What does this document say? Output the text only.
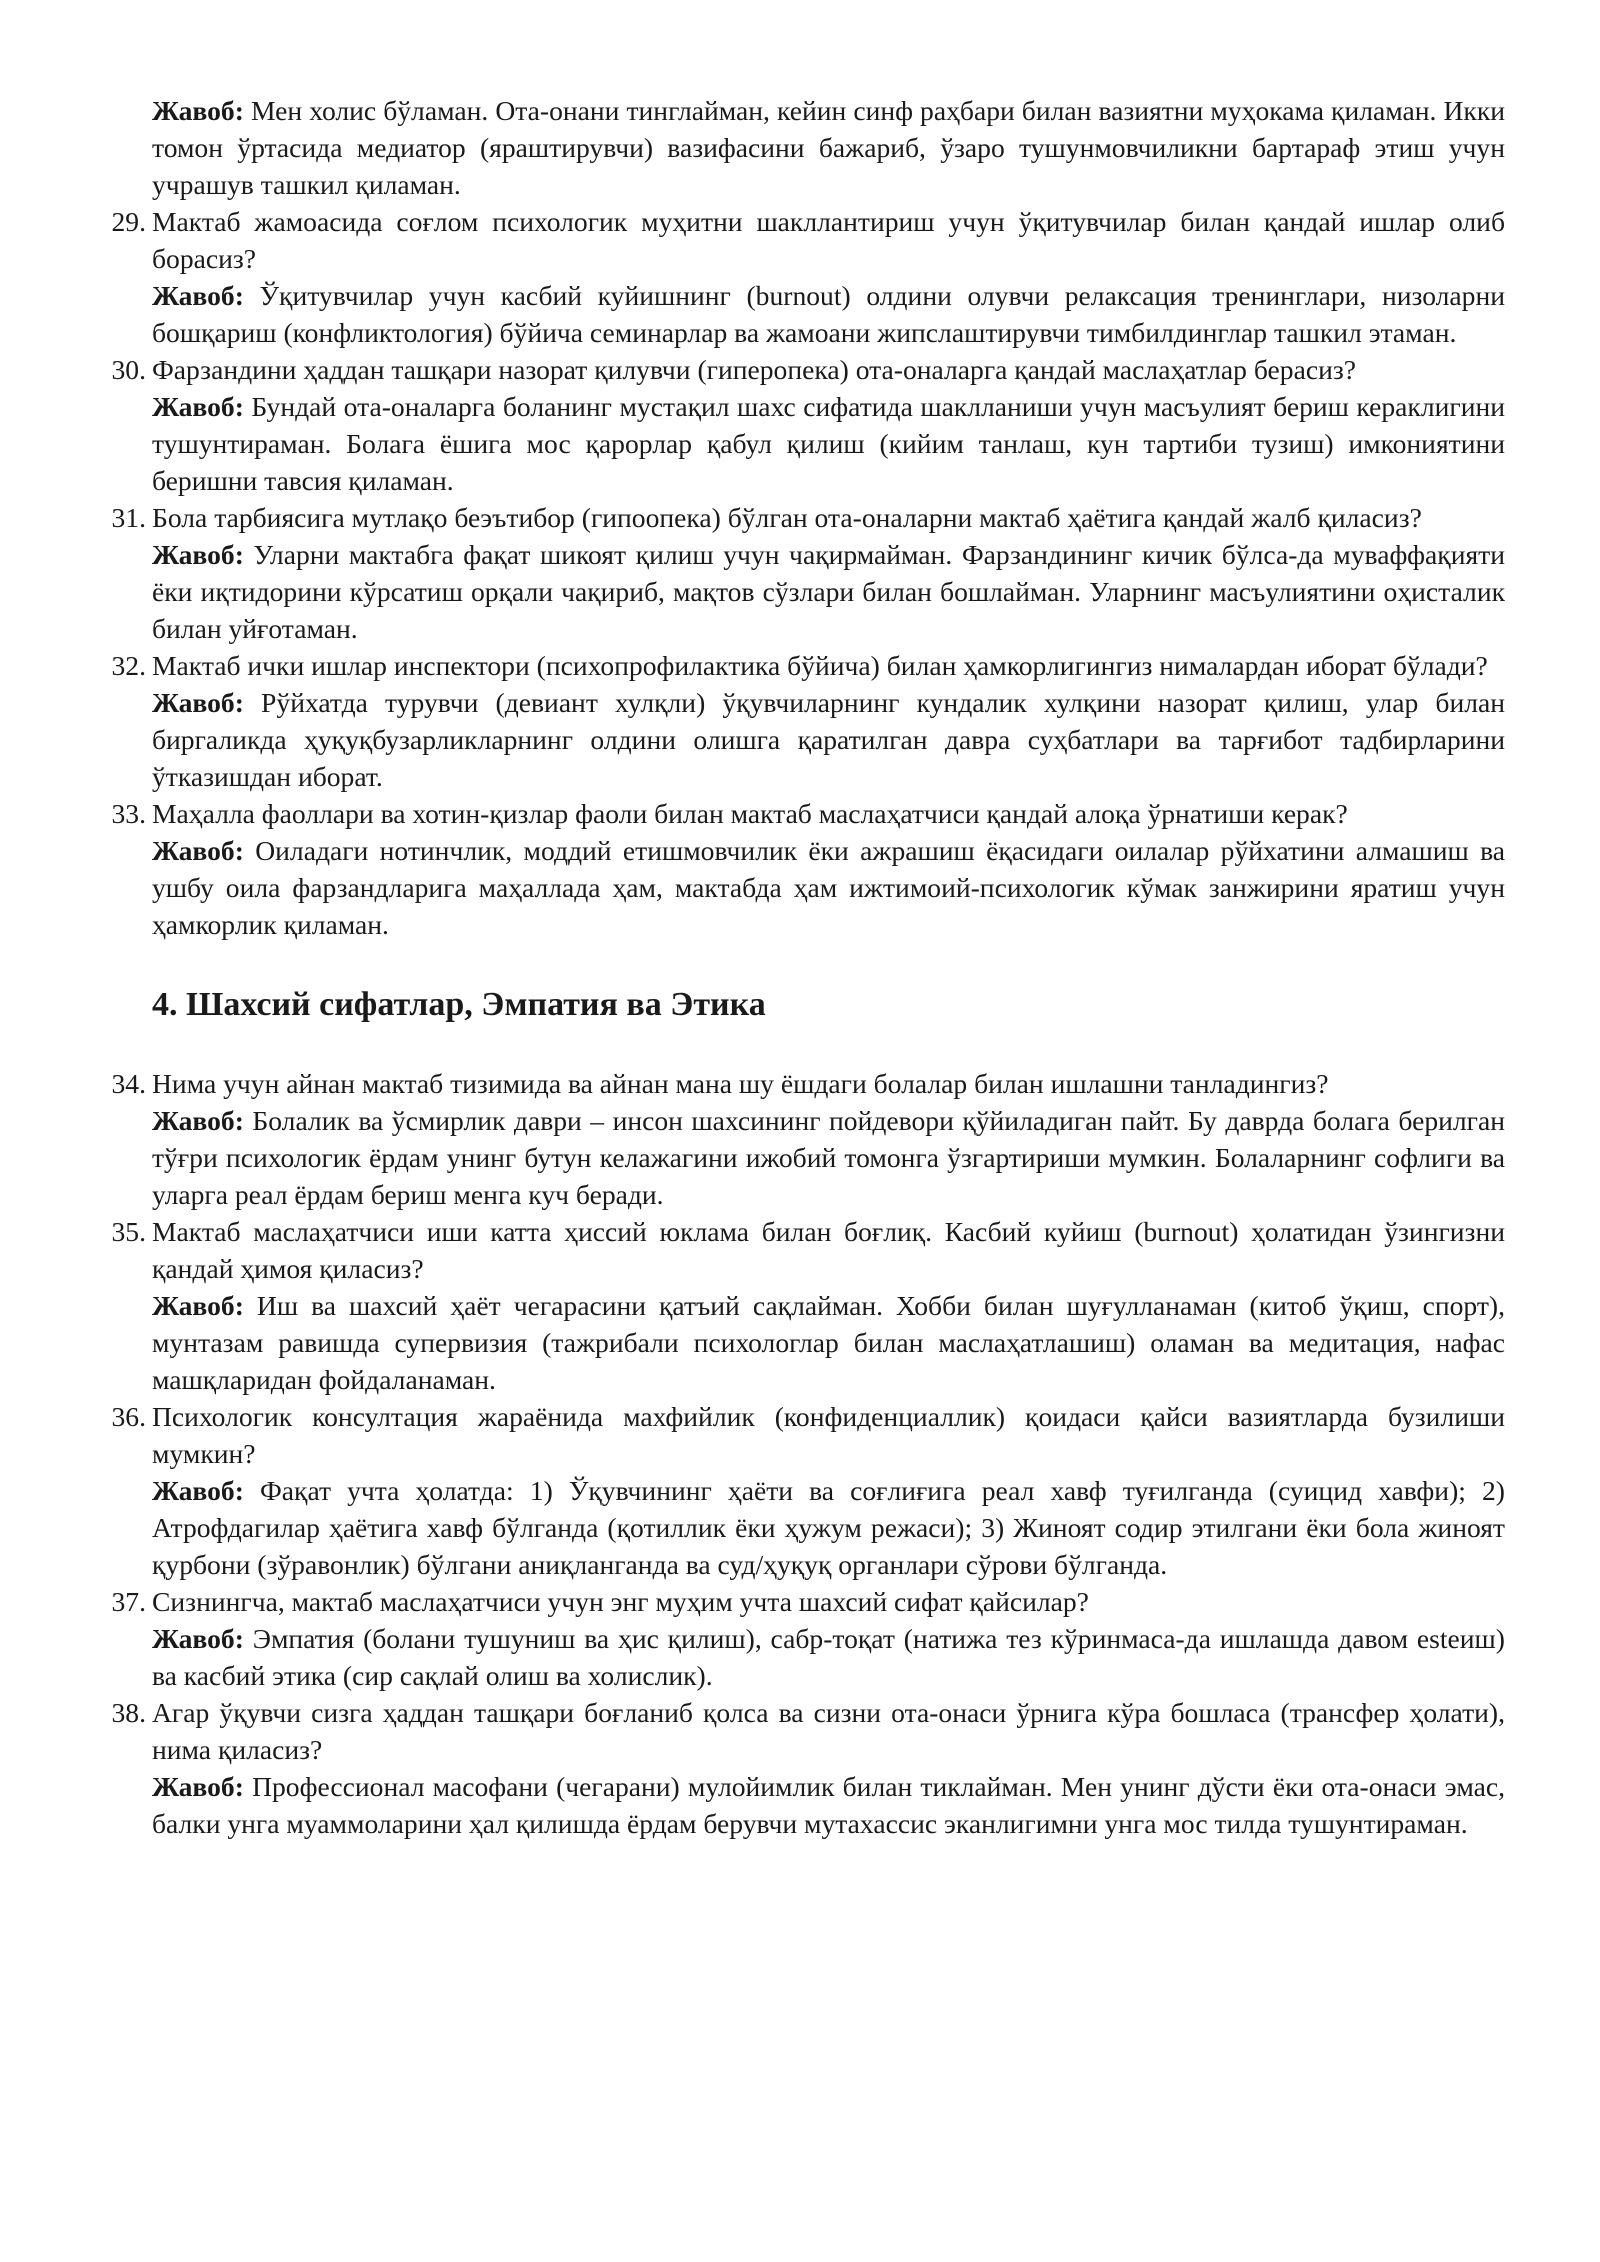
Жавоб: Мен холис бўламан. Ота-онани тинглайман, кейин синф раҳбари билан вазиятни муҳокама қиламан. Икки томон ўртасида медиатор (яраштирувчи) вазифасини бажариб, ўзаро тушунмовчиликни бартараф этиш учун учрашув ташкил қиламан.

29. Мактаб жамоасида соғлом психологик муҳитни шакллантириш учун ўқитувчилар билан қандай ишлар олиб борасиз?

Жавоб: Ўқитувчилар учун касбий куйишнинг (burnout) олдини олувчи релаксация тренинглари, низоларни бошқариш (конфликтология) бўйича семинарлар ва жамоани жипслаштирувчи тимбилдинглар ташкил этаман.

30. Фарзандини ҳаддан ташқари назорат қилувчи (гиперопека) ота-оналарга қандай маслаҳатлар берасиз?

Жавоб: Бундай ота-оналарга боланинг мустақил шахс сифатида шаклланиши учун масъулият бериш кераклигини тушунтираман. Болага ёшига мос қарорлар қабул қилиш (кийим танлаш, кун тартиби тузиш) имкониятини беришни тавсия қиламан.

31. Бола тарбиясига мутлақо беэътибор (гипоопека) бўлган ота-оналарни мактаб ҳаётига қандай жалб қиласиз?

Жавоб: Уларни мактабга фақат шикоят қилиш учун чақирмайман. Фарзандининг кичик бўлса-да муваффақияти ёки иқтидорини кўрсатиш орқали чақириб, мақтов сўзлари билан бошлайман. Уларнинг масъулиятини оҳисталик билан уйғотаман.

32. Мактаб ички ишлар инспектори (психопрофилактика бўйича) билан ҳамкорлигингиз нималардан иборат бўлади?

Жавоб: Рўйхатда турувчи (девиант хулқли) ўқувчиларнинг кундалик хулқини назорат қилиш, улар билан биргаликда ҳуқуқбузарликларнинг олдини олишга қаратилган давра суҳбатлари ва тарғибот тадбирларини ўтказишдан иборат.

33. Маҳалла фаоллари ва хотин-қизлар фаоли билан мактаб маслаҳатчиси қандай алоқа ўрнатиши керак?

Жавоб: Оиладаги нотинчлик, моддий етишмовчилик ёки ажрашиш ёқасидаги оилалар рўйхатини алмашиш ва ушбу оила фарзандларига маҳаллада ҳам, мактабда ҳам ижтимоий-психологик кўмак занжирини яратиш учун ҳамкорлик қиламан.

4. Шахсий сифатлар, Эмпатия ва Этика
34. Нима учун айнан мактаб тизимида ва айнан мана шу ёшдаги болалар билан ишлашни танладингиз?

Жавоб: Болалик ва ўсмирлик даври – инсон шахсининг пойдевори қўйиладиган пайт. Бу даврда болага берилган тўғри психологик ёрдам унинг бутун келажагини ижобий томонга ўзгартириши мумкин. Болаларнинг софлиги ва уларга реал ёрдам бериш менга куч беради.

35. Мактаб маслаҳатчиси иши катта ҳиссий юклама билан боғлиқ. Касбий куйиш (burnout) ҳолатидан ўзингизни қандай ҳимоя қиласиз?

Жавоб: Иш ва шахсий ҳаёт чегарасини қатъий сақлайман. Хобби билан шуғулланаман (китоб ўқиш, спорт), мунтазам равишда супервизия (тажрибали психологлар билан маслаҳатлашиш) оламан ва медитация, нафас машқларидан фойдаланаман.

36. Психологик консултация жараёнида махфийлик (конфиденциаллик) қоидаси қайси вазиятларда бузилиши мумкин?

Жавоб: Фақат учта ҳолатда: 1) Ўқувчининг ҳаёти ва соғлиғига реал хавф туғилганда (суицид хавфи); 2) Атрофдагилар ҳаётига хавф бўлганда (қотиллик ёки ҳужум режаси); 3) Жиноят содир этилгани ёки бола жиноят қурбони (зўравонлик) бўлгани аниқланганда ва суд/ҳуқуқ органлари сўрови бўлганда.

37. Сизнингча, мактаб маслаҳатчиси учун энг муҳим учта шахсий сифат қайсилар?

Жавоб: Эмпатия (болани тушуниш ва ҳис қилиш), сабр-тоқат (натижа тез кўринмаса-да ишлашда давом esteиш) ва касбий этика (сир сақлай олиш ва холислик).

38. Агар ўқувчи сизга ҳаддан ташқари боғланиб қолса ва сизни ота-онаси ўрнига кўра бошласа (трансфер ҳолати), нима қиласиз?

Жавоб: Профессионал масофани (чегарани) мулойимлик билан тиклайман. Мен унинг дўсти ёки ота-онаси эмас, балки унга муаммоларини ҳал қилишда ёрдам берувчи мутахассис эканлигимни унга мос тилда тушунтираман.
